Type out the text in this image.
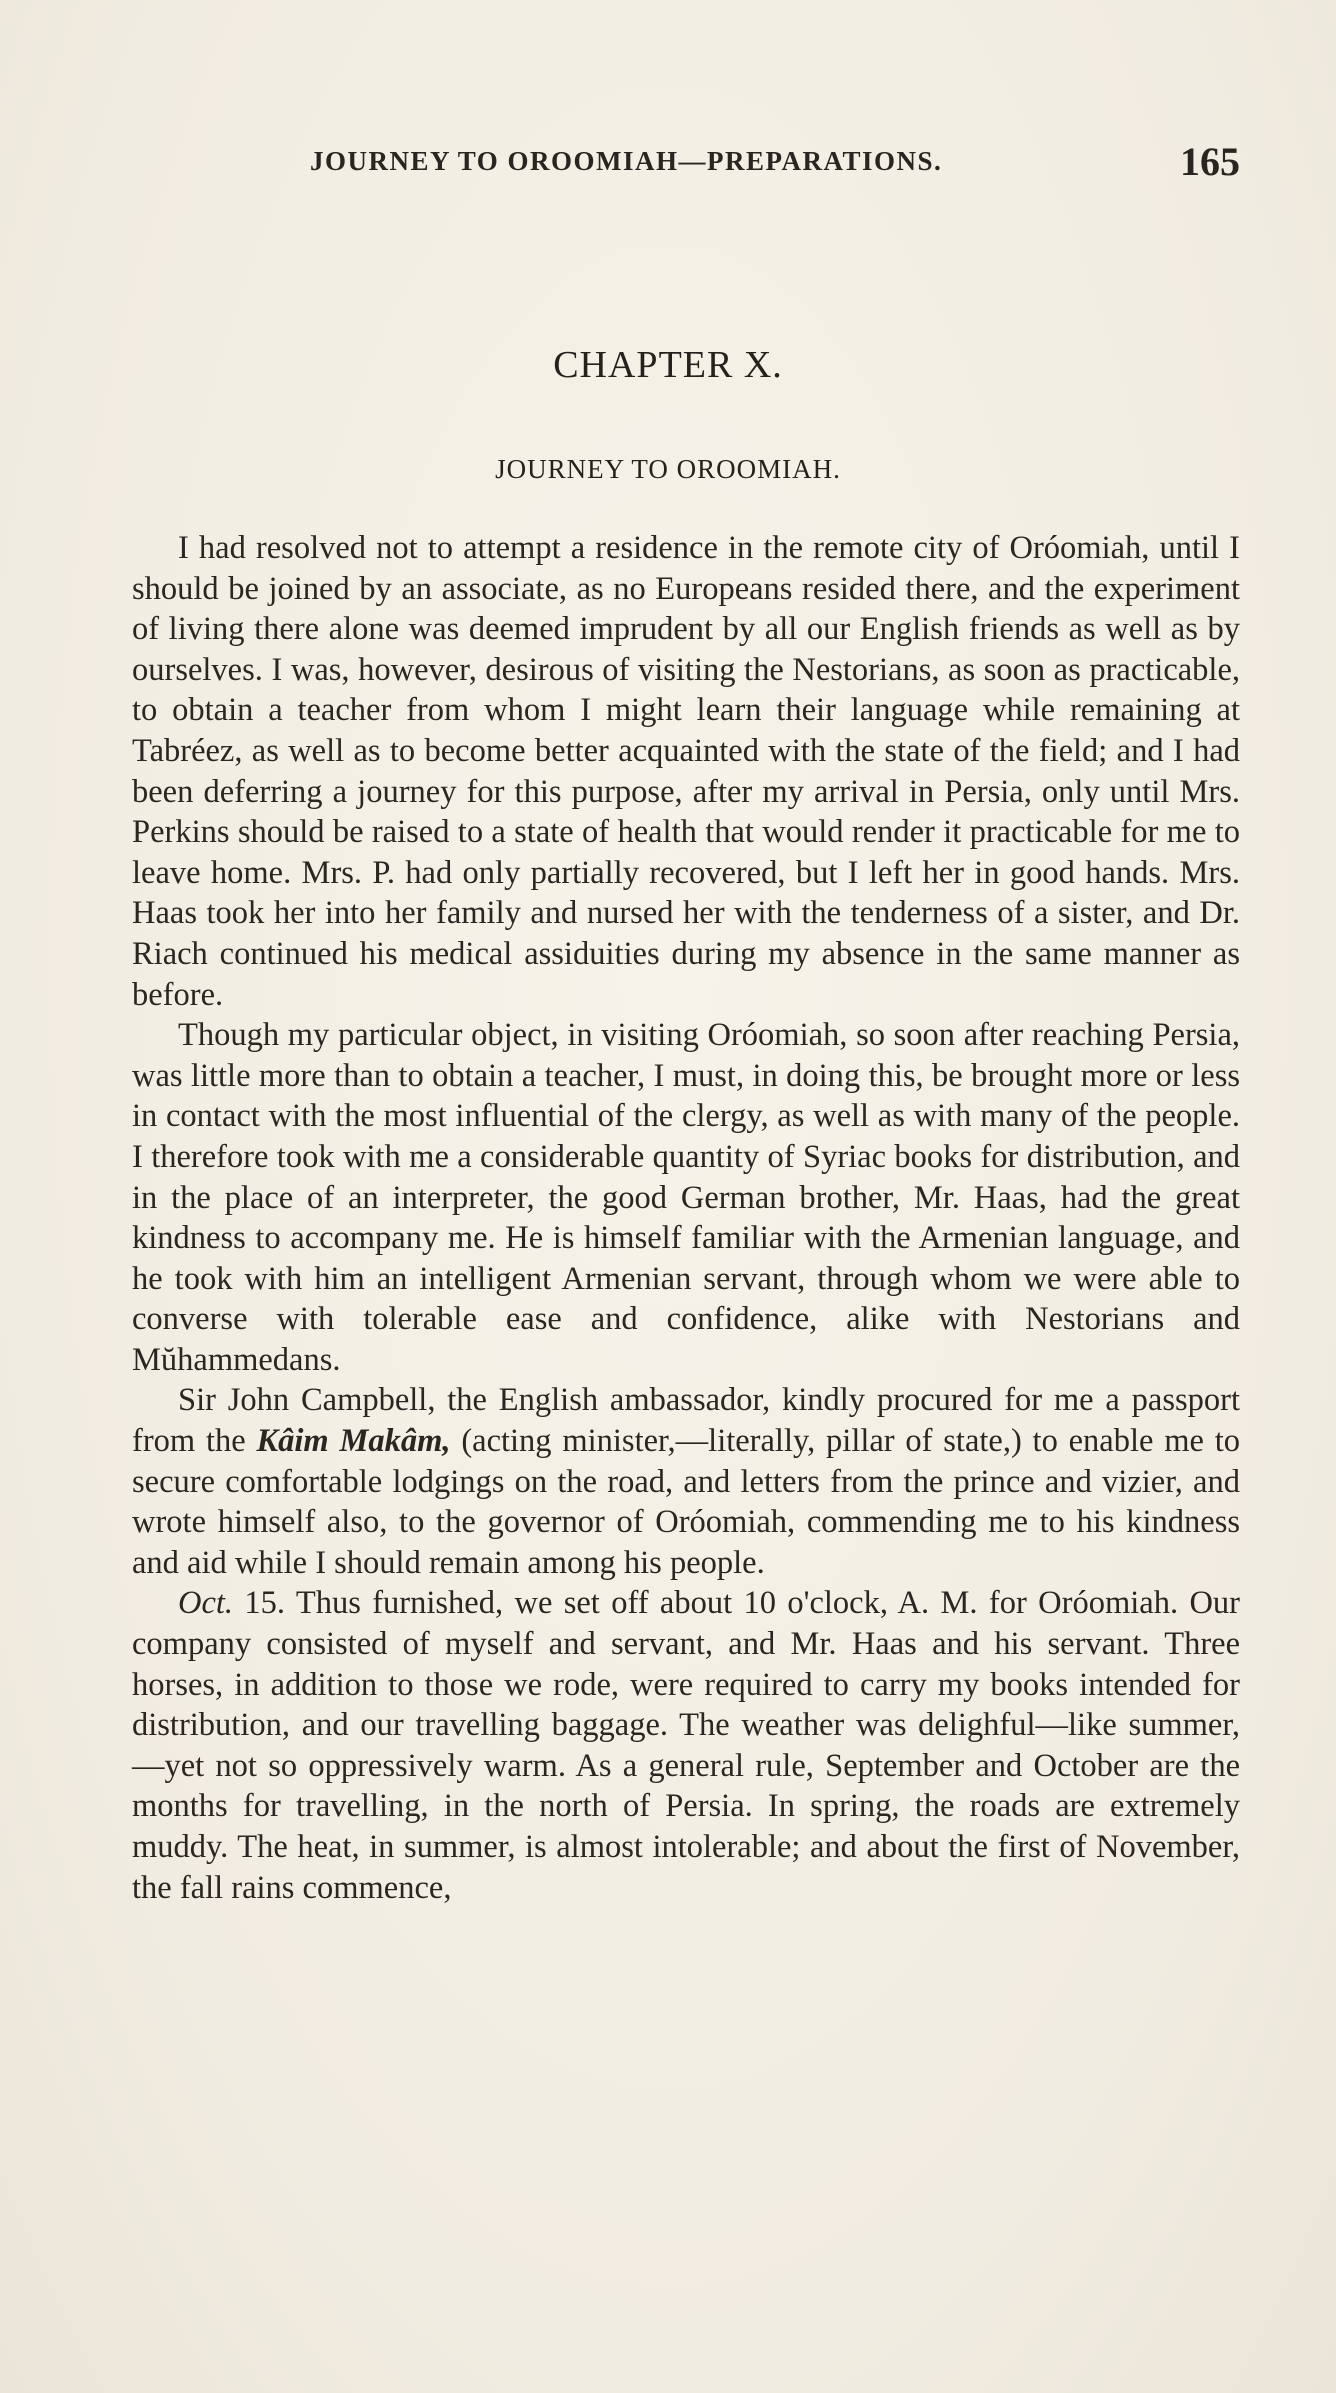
JOURNEY TO OROOMIAH—PREPARATIONS.	165
CHAPTER X.
JOURNEY TO OROOMIAH.

I had resolved not to attempt a residence in the remote city of Oróomiah, until I should be joined by an associate, as no Europeans resided there, and the experiment of living there alone was deemed imprudent by all our English friends as well as by ourselves. I was, however, desirous of visiting the Nestorians, as soon as practicable, to obtain a teacher from whom I might learn their language while remaining at Tabréez, as well as to become better acquainted with the state of the field; and I had been deferring a journey for this purpose, after my arrival in Persia, only until Mrs. Perkins should be raised to a state of health that would render it practicable for me to leave home. Mrs. P. had only partially recovered, but I left her in good hands. Mrs. Haas took her into her family and nursed her with the tenderness of a sister, and Dr. Riach continued his medical assiduities during my absence in the same manner as before.

Though my particular object, in visiting Oróomiah, so soon after reaching Persia, was little more than to obtain a teacher, I must, in doing this, be brought more or less in contact with the most influential of the clergy, as well as with many of the people. I therefore took with me a considerable quantity of Syriac books for distribution, and in the place of an interpreter, the good German brother, Mr. Haas, had the great kindness to accompany me. He is himself familiar with the Armenian language, and he took with him an intelligent Armenian servant, through whom we were able to converse with tolerable ease and confidence, alike with Nestorians and Mŭhammedans.

Sir John Campbell, the English ambassador, kindly procured for me a passport from the Kâim Makâm, (acting minister,—literally, pillar of state,) to enable me to secure comfortable lodgings on the road, and letters from the prince and vizier, and wrote himself also, to the governor of Oróomiah, commending me to his kindness and aid while I should remain among his people.

Oct. 15. Thus furnished, we set off about 10 o'clock, A. M. for Oróomiah. Our company consisted of myself and servant, and Mr. Haas and his servant. Three horses, in addition to those we rode, were required to carry my books intended for distribution, and our travelling baggage. The weather was delighful—like summer,—yet not so oppressively warm. As a general rule, September and October are the months for travelling, in the north of Persia. In spring, the roads are extremely muddy. The heat, in summer, is almost intolerable; and about the first of November, the fall rains commence,
